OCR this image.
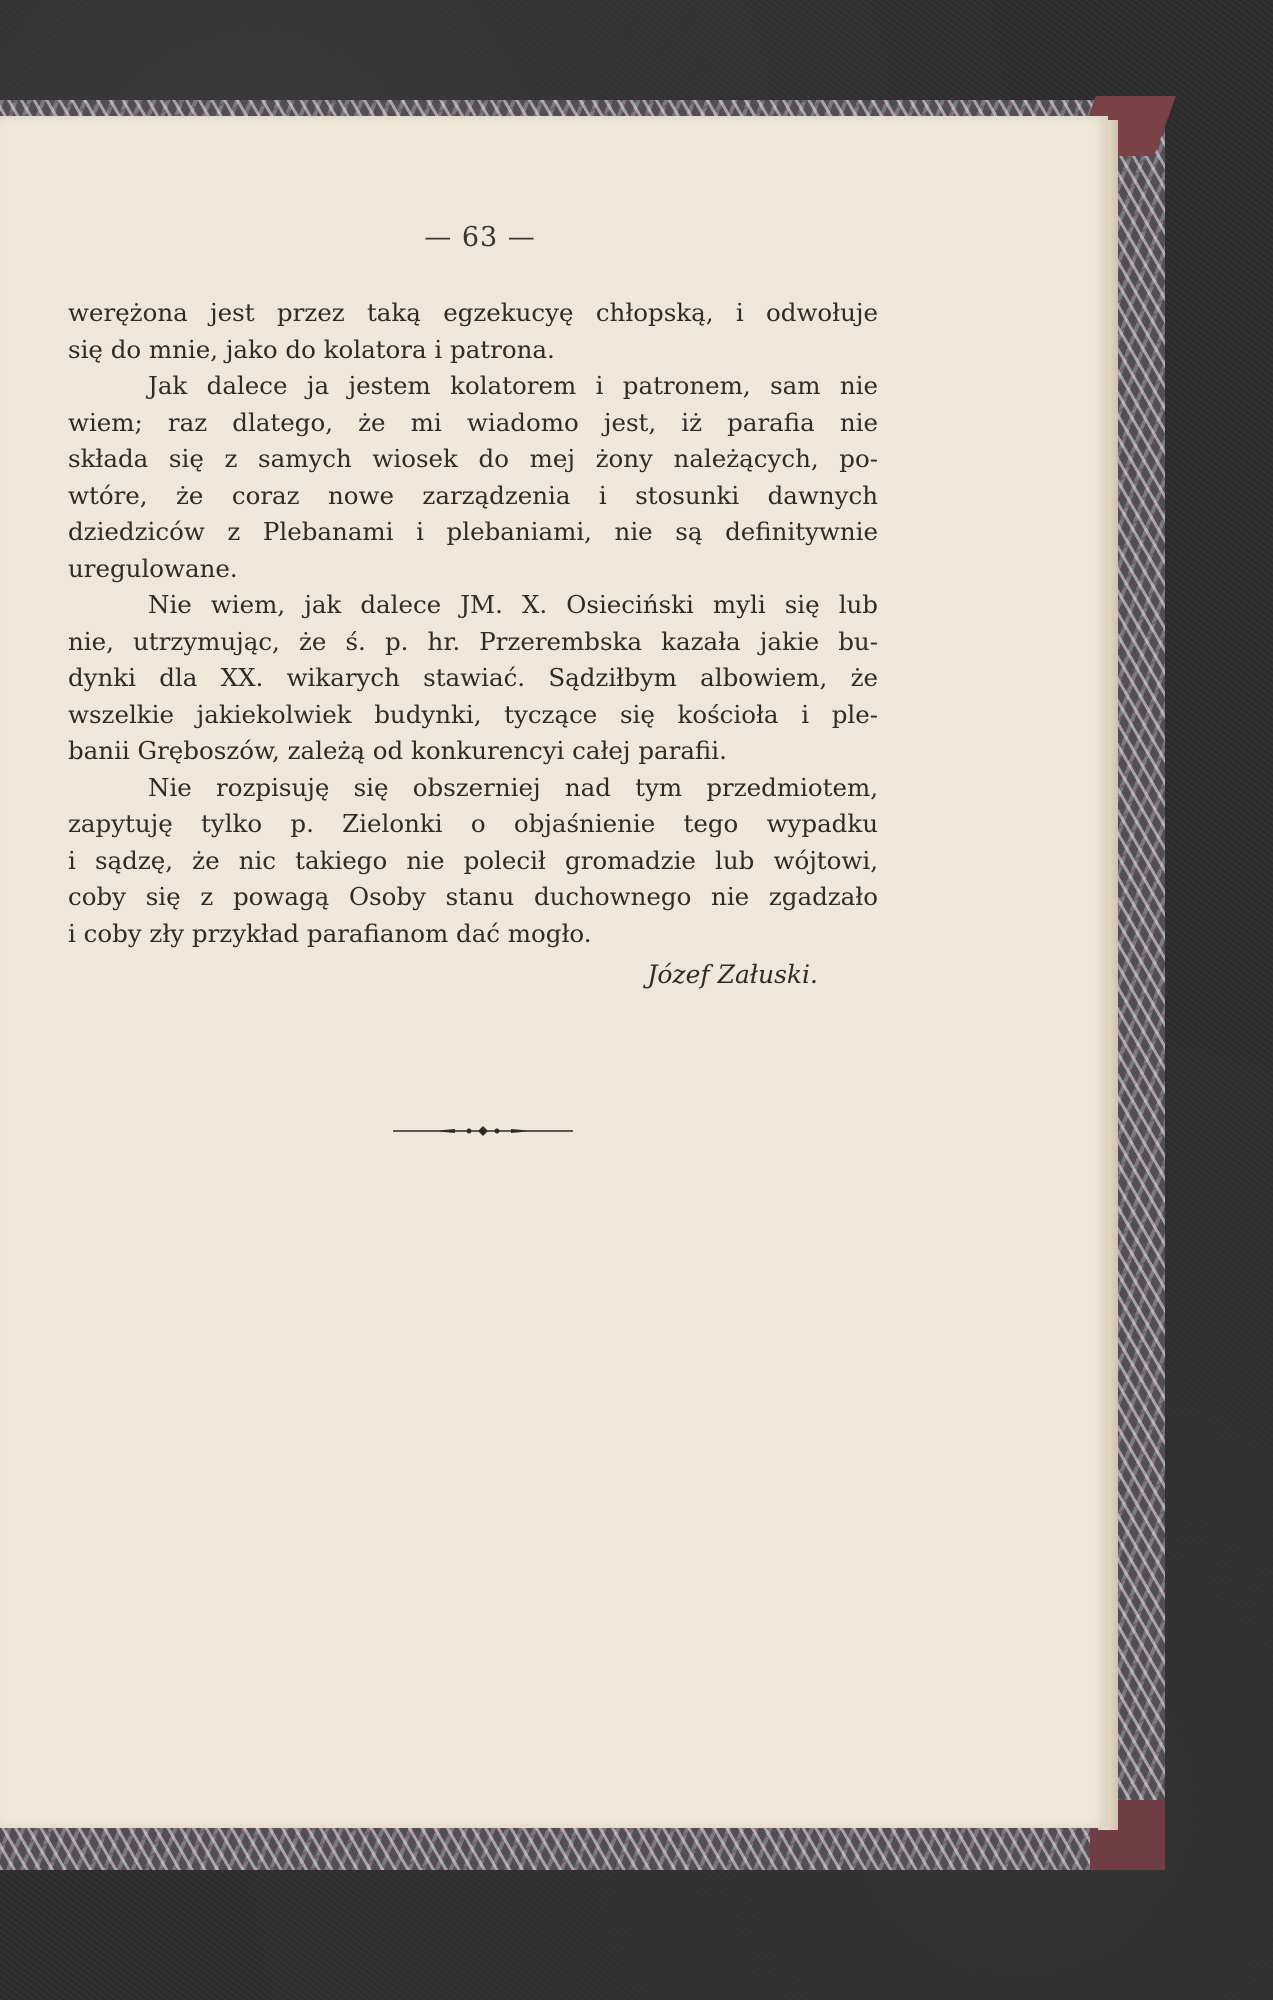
— 63 —
werężona jest przez taką egzekucyę chłopską, i odwołuje
się do mnie, jako do kolatora i patrona.
Jak dalece ja jestem kolatorem i patronem, sam nie
wiem; raz dlatego, że mi wiadomo jest, iż parafia nie
składa się z samych wiosek do mej żony należących, po-
wtóre, że coraz nowe zarządzenia i stosunki dawnych
dziedziców z Plebanami i plebaniami, nie są definitywnie
uregulowane.
Nie wiem, jak dalece JM. X. Osieciński myli się lub
nie, utrzymując, że ś. p. hr. Przerembska kazała jakie bu-
dynki dla XX. wikarych stawiać. Sądziłbym albowiem, że
wszelkie jakiekolwiek budynki, tyczące się kościoła i ple-
banii Gręboszów, zależą od konkurencyi całej parafii.
Nie rozpisuję się obszerniej nad tym przedmiotem,
zapytuję tylko p. Zielonki o objaśnienie tego wypadku
i sądzę, że nic takiego nie polecił gromadzie lub wójtowi,
coby się z powagą Osoby stanu duchownego nie zgadzało
i coby zły przykład parafianom dać mogło.
Józef Załuski.
